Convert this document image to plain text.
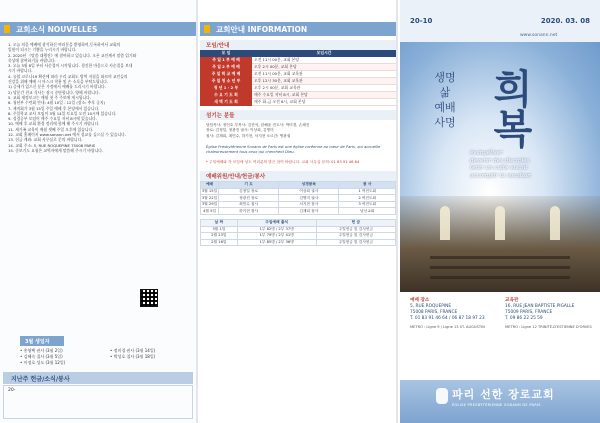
교회소식 NOUVELLES
1. 오늘 처음 예배에 참석하신 여러분을 환영하며,등록하셔서 교회의
일원이 되시는 기쁨을 누리시기 바랍니다.
2. 2020년 《말씀 대행진》에 참여하고 있습니다. 오픈 교인께서 말씀 읽기와
묵상에 참여하기를 바랍니다.
3. 오늘 3월 8일 부터 사순절이 시작됩니다. 경건한 마음으로 사순절을 보내
시기 바랍니다.
4. 유럽 코로나19 확산에 따라 우리 교회도 방역 지침을 따르며 교인들의
건강을 위해 예배 시 마스크 착용 및 손 소독을 부탁드립니다.
1) 증세가 있으신 분은 가정에서 예배를 드리시기 바랍니다.
2) 당분간 친교 식사는 잠시 중단합니다. 양해 바랍니다.
5. 교회 재정보고는 매월 첫 주 주보에 게시됩니다.
6. 청년부 수련회 안내: 4월 10일 - 12일 (장소: 추후 공지)
7. 제직회가 3월 15일 주일 예배 후 본당에서 있습니다.
8. 주일학교 교사 모임이 3월 14일 토요일 오전 10시에 있습니다.
9. 성경공부 모임이 매주 수요일 저녁 8시에 있습니다.
10. 예배 후 교회 환경 정리에 함께 해 주시기 바랍니다.
11. 새가족 교육이 매월 셋째 주일 오후에 있습니다.
12. 교회 홈페이지 www.sonann.net 에서 설교를 들으실 수 있습니다.
13. 헌금 계좌: 교회 사무실로 문의 바랍니다.
14. 교회 주소: 5, RUE ROQUEPINE 75008 PARIS
15. 중보기도 요청은 교역자에게 말씀해 주시기 바랍니다.
3월 생일자
• 홍영택 권사 (3월 2일)
• 김혜숙 집사 (3월 5일)
• 이정호 성도 (3월 12일)
• 정미경 권사 (3월 14일)
• 박성호 집사 (3월 18일)
지난주 헌금/소식/봉사
20-
교회안내 INFORMATION
모임/안내
모 임	모임시간
주 일 1 부 예 배	오전 11시 00분, 교회 본당
주 일 2 부 예 배	오후 2시 00분, 교회 본당
주 일 학 교 예 배	오전 11시 00분, 교회 교육관
주 일 청 소 년 부	오후 12시 30분, 교회 교육관
청 년 1 · 2 부	오후 2시 00분, 교회 교육관
수 요 기 도 회	매주 수요일 저녁 8시, 교회 본당
새 벽 기 도 회	매주 화-금 오전 6시, 교회 본당
섬기는 분들
담임목사: 정인호 부목사: 김현석, 한해윤 전도사: 박미경, 손혜진
장로: 김정일, 정광진 권사: 이상희, 김영미
집사: 김재희, 최민수, 하기현, 서지현 오르간: 영광권
Église Presbytérienne Sonann de Paris est une église coréenne au cœur de Paris, qui accueille chaleureusement tous ceux qui cherchent Dieu.
* 주일예배와 각 모임에 성도 여러분의 많은 참여 바랍니다. 교회 사무실 문의: 01 83 91 46 64
예배위원/안내/헌금/봉사
예배	기 도	성경봉독	봉 사
3월 15일	김정일 장로	이상희 권사	1 여전도회
3월 22일	정광진 장로	김영미 권사	2 여전도회
3월 29일	최민수 집사	서지현 집사	3 여전도회
4월 5일	하기현 집사	김재희 집사	남선교회
날 짜	주일예배 출석	헌 금
3월 1일	1부 82명 / 2부 37명	주일헌금 및 감사헌금
2월 23일	1부 79명 / 2부 41명	주일헌금 및 감사헌금
2월 16일	1부 85명 / 2부 36명	주일헌금 및 감사헌금
20-10	2020. 03. 08
www.sonann.net
생명
삶
예배
사명
희복
évangéliser
devenir des disciples
tenir un culte vivant
accomplir la vocation
예배 장소
5, RUE ROQUEPINE
75008 PARIS, FRANCE
T. 01 83 91 46 64 / 06 87 18 97 23
METRO : Ligne 9 / Ligne 13 ST. AUGUSTIN
교육관
16, RUE JEAN BAPTISTE PIGALLE
75009 PARIS, FRANCE
T. 09 86 22 25 59
METRO : Ligne 12 TRINITÉ-D'ESTIENNE D'ORVES
파리 선한 장로교회
ÉGLISE PRESBYTÉRIENNE SONANN DE PARIS
